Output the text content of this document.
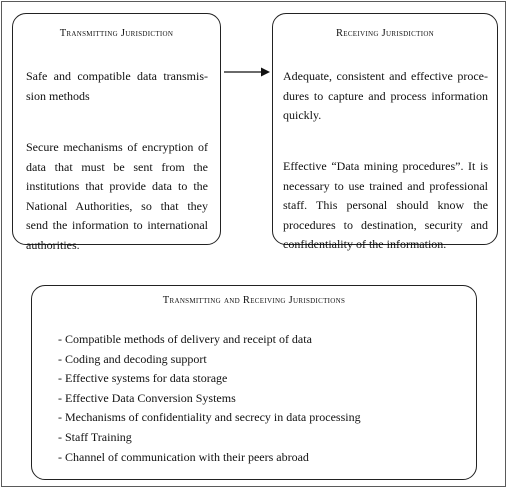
Transmitting Jurisdiction

Safe and compatible data transmission methods

Secure mechanisms of encryption of data that must be sent from the institutions that provide data to the National Authorities, so that they send the information to international authorities.

Receiving Jurisdiction

Adequate, consistent and effective procedures to capture and process information quickly.

Effective “Data mining procedures”. It is necessary to use trained and professional staff. This personal should know the procedures to destination, security and confidentiality of the information.

Transmitting and Receiving Jurisdictions

- Compatible methods of delivery and receipt of data
- Coding and decoding support
- Effective systems for data storage
- Effective Data Conversion Systems
- Mechanisms of confidentiality and secrecy in data processing
- Staff Training
- Channel of communication with their peers abroad
